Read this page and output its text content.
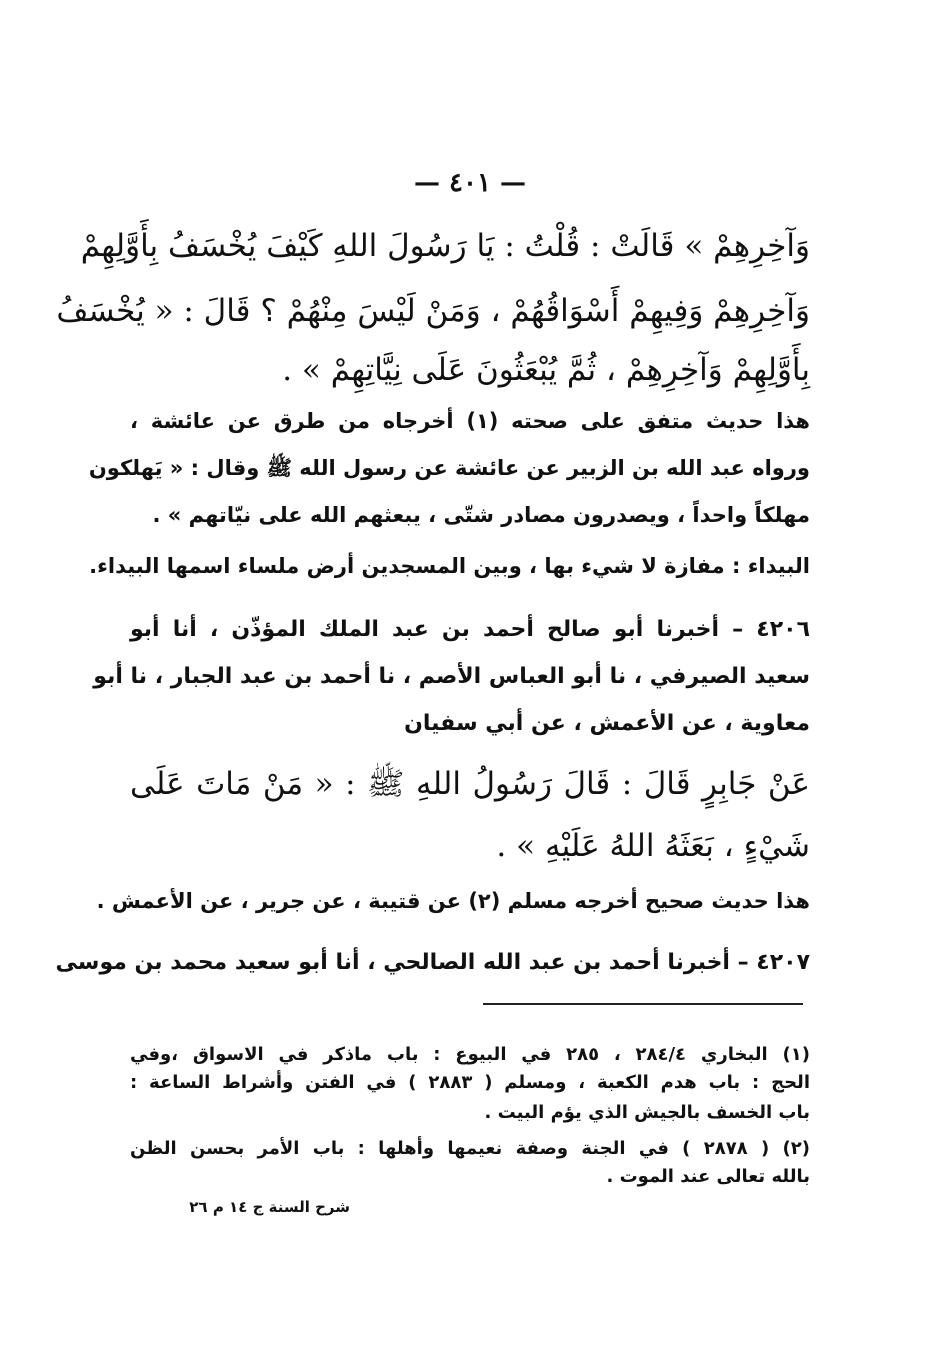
— ٤٠١ —
وَآخِرِهِمْ » قَالَتْ : قُلْتُ : يَا رَسُولَ اللهِ كَيْفَ يُخْسَفُ بِأَوَّلِهِمْ
وَآخِرِهِمْ وَفِيهِمْ أَسْوَاقُهُمْ ، وَمَنْ لَيْسَ مِنْهُمْ ؟ قَالَ : « يُخْسَفُ
بِأَوَّلِهِمْ وَآخِرِهِمْ ، ثُمَّ يُبْعَثُونَ عَلَى نِيَّاتِهِمْ » .
هذا حديث متفق على صحته (١) أخرجاه من طرق عن عائشة ،
ورواه عبد الله بن الزبير عن عائشة عن رسول الله ﷺ وقال : « يَهلكون
مهلكاً واحداً ، ويصدرون مصادر شتّى ، يبعثهم الله على نيّاتهم » .
البيداء : مفازة لا شيء بها ، وبين المسجدين أرض ملساء اسمها البيداء.
٤٢٠٦ – أخبرنا أبو صالح أحمد بن عبد الملك المؤذّن ، أنا أبو
سعيد الصيرفي ، نا أبو العباس الأصم ، نا أحمد بن عبد الجبار ، نا أبو
معاوية ، عن الأعمش ، عن أبي سفيان
عَنْ جَابِرٍ قَالَ : قَالَ رَسُولُ اللهِ ﷺ : « مَنْ مَاتَ عَلَى
شَيْءٍ ، بَعَثَهُ اللهُ عَلَيْهِ » .
هذا حديث صحيح أخرجه مسلم (٢) عن قتيبة ، عن جرير ، عن الأعمش .
٤٢٠٧ – أخبرنا أحمد بن عبد الله الصالحي ، أنا أبو سعيد محمد بن موسى
(١) البخاري ٢٨٤/٤ ، ٢٨٥ في البيوع : باب ماذكر في الاسواق ،وفي
الحج : باب هدم الكعبة ، ومسلم ( ٢٨٨٣ ) في الفتن وأشراط الساعة :
باب الخسف بالجيش الذي يؤم البيت .
(٢) ( ٢٨٧٨ ) في الجنة وصفة نعيمها وأهلها : باب الأمر بحسن الظن
بالله تعالى عند الموت .
شرح السنة ج ١٤ م ٢٦
